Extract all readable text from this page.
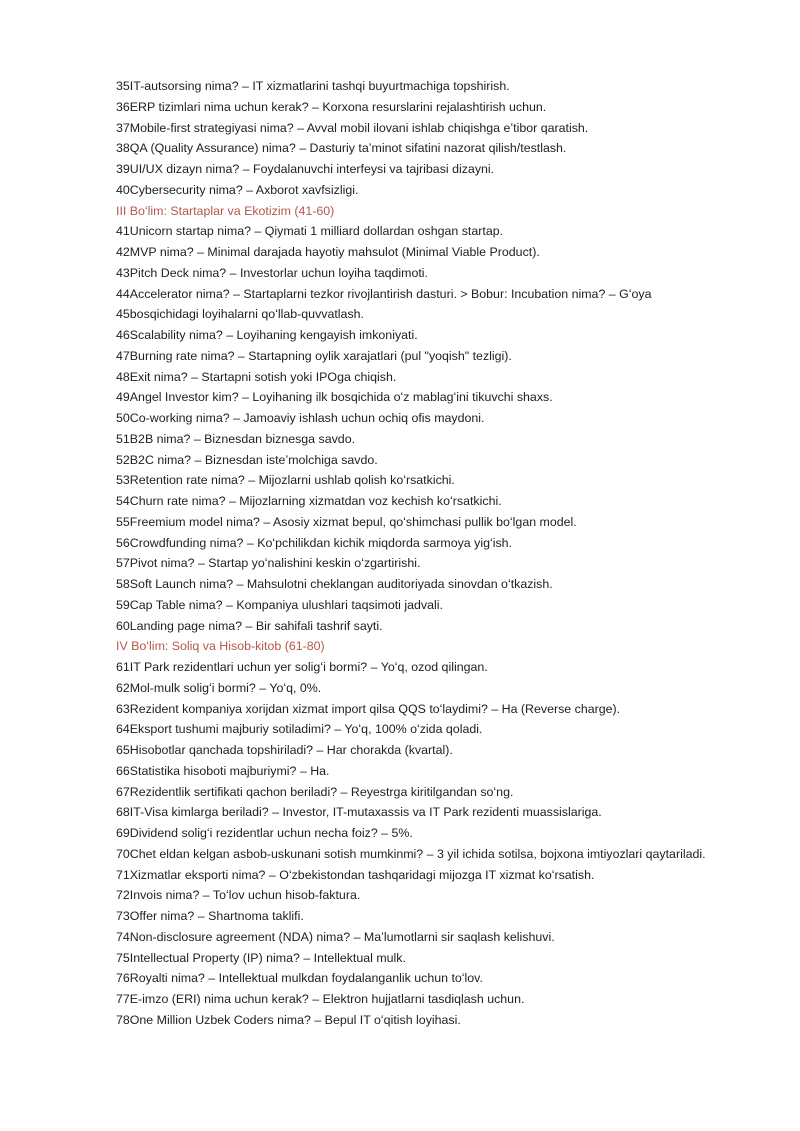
35IT-autsorsing nima? – IT xizmatlarini tashqi buyurtmachiga topshirish.
36ERP tizimlari nima uchun kerak? – Korxona resurslarini rejalashtirish uchun.
37Mobile-first strategiyasi nima? – Avval mobil ilovani ishlab chiqishga eʼtibor qaratish.
38QA (Quality Assurance) nima? – Dasturiy taʼminot sifatini nazorat qilish/testlash.
39UI/UX dizayn nima? – Foydalanuvchi interfeysi va tajribasi dizayni.
40Cybersecurity nima? – Axborot xavfsizligi.
III Boʻlim: Startaplar va Ekotizim (41-60)
41Unicorn startap nima? – Qiymati 1 milliard dollardan oshgan startap.
42MVP nima? – Minimal darajada hayotiy mahsulot (Minimal Viable Product).
43Pitch Deck nima? – Investorlar uchun loyiha taqdimoti.
44Accelerator nima? – Startaplarni tezkor rivojlantirish dasturi. > Bobur: Incubation nima? – Gʻoya
45bosqichidagi loyihalarni qoʻllab-quvvatlash.
46Scalability nima? – Loyihaning kengayish imkoniyati.
47Burning rate nima? – Startapning oylik xarajatlari (pul "yoqish" tezligi).
48Exit nima? – Startapni sotish yoki IPOga chiqish.
49Angel Investor kim? – Loyihaning ilk bosqichida oʻz mablagʻini tikuvchi shaxs.
50Co-working nima? – Jamoaviy ishlash uchun ochiq ofis maydoni.
51B2B nima? – Biznesdan biznesga savdo.
52B2C nima? – Biznesdan isteʼmolchiga savdo.
53Retention rate nima? – Mijozlarni ushlab qolish koʻrsatkichi.
54Churn rate nima? – Mijozlarning xizmatdan voz kechish koʻrsatkichi.
55Freemium model nima? – Asosiy xizmat bepul, qoʻshimchasi pullik boʻlgan model.
56Crowdfunding nima? – Koʻpchilikdan kichik miqdorda sarmoya yigʻish.
57Pivot nima? – Startap yoʻnalishini keskin oʻzgartirishi.
58Soft Launch nima? – Mahsulotni cheklangan auditoriyada sinovdan oʻtkazish.
59Cap Table nima? – Kompaniya ulushlari taqsimoti jadvali.
60Landing page nima? – Bir sahifali tashrif sayti.
IV Boʻlim: Soliq va Hisob-kitob (61-80)
61IT Park rezidentlari uchun yer soligʻi bormi? – Yoʻq, ozod qilingan.
62Mol-mulk soligʻi bormi? – Yoʻq, 0%.
63Rezident kompaniya xorijdan xizmat import qilsa QQS toʻlaydimi? – Ha (Reverse charge).
64Eksport tushumi majburiy sotiladimi? – Yoʻq, 100% oʻzida qoladi.
65Hisobotlar qanchada topshiriladi? – Har chorakda (kvartal).
66Statistika hisoboti majburiymi? – Ha.
67Rezidentlik sertifikati qachon beriladi? – Reyestrga kiritilgandan soʻng.
68IT-Visa kimlarga beriladi? – Investor, IT-mutaxassis va IT Park rezidenti muassislariga.
69Dividend soligʻi rezidentlar uchun necha foiz? – 5%.
70Chet eldan kelgan asbob-uskunani sotish mumkinmi? – 3 yil ichida sotilsa, bojxona imtiyozlari qaytariladi.
71Xizmatlar eksporti nima? – Oʻzbekistondan tashqaridagi mijozga IT xizmat koʻrsatish.
72Invois nima? – Toʻlov uchun hisob-faktura.
73Offer nima? – Shartnoma taklifi.
74Non-disclosure agreement (NDA) nima? – Maʼlumotlarni sir saqlash kelishuvi.
75Intellectual Property (IP) nima? – Intellektual mulk.
76Royalti nima? – Intellektual mulkdan foydalanganlik uchun toʻlov.
77E-imzo (ERI) nima uchun kerak? – Elektron hujjatlarni tasdiqlash uchun.
78One Million Uzbek Coders nima? – Bepul IT oʻqitish loyihasi.
